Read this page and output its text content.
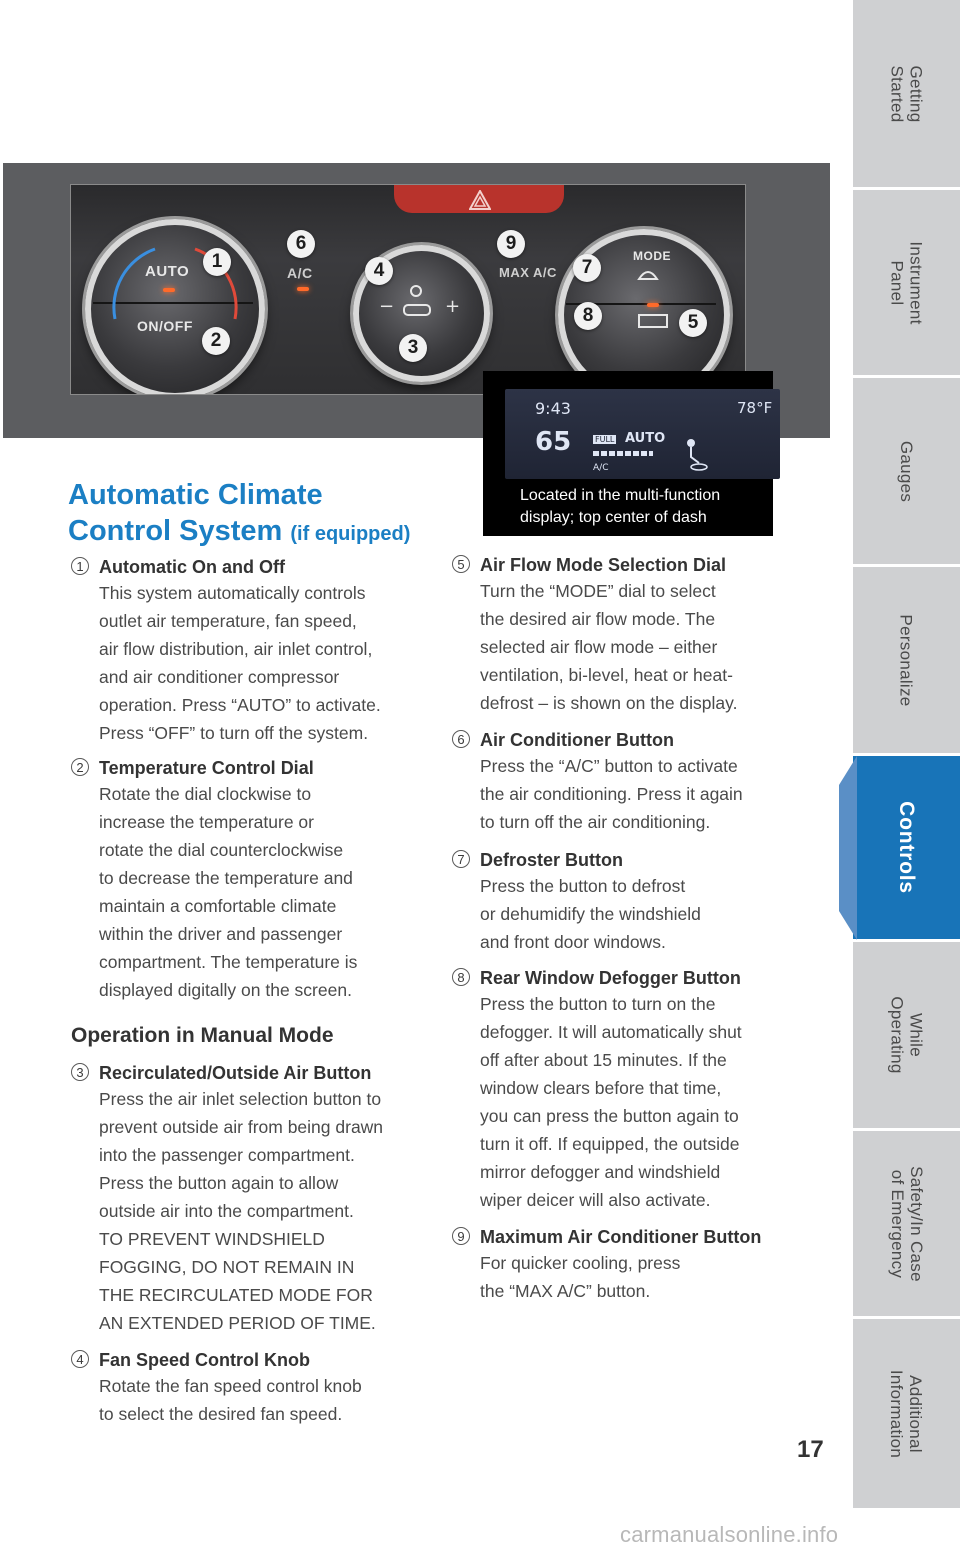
Getting
Started
Instrument
Panel
Gauges
Personalize
Controls
While
Operating
Safety/In Case
of Emergency
Additional
Information
AUTO
ON/OFF
A/C
−	+
MAX A/C
MODE
1
2	3
4
5
6
7
8
9
9:43	78°F
65	FULL AUTO
A/C
Located in the multi-function display; top center of dash
Automatic Climate
Control System (if equipped)
1 Automatic On and Off
This system automatically controls
outlet air temperature, fan speed,
air flow distribution, air inlet control,
and air conditioner compressor
operation. Press “AUTO” to activate.
Press “OFF” to turn off the system.
2 Temperature Control Dial
Rotate the dial clockwise to
increase the temperature or
rotate the dial counterclockwise
to decrease the temperature and
maintain a comfortable climate
within the driver and passenger
compartment. The temperature is
displayed digitally on the screen.
Operation in Manual Mode
3 Recirculated/Outside Air Button
Press the air inlet selection button to
prevent outside air from being drawn
into the passenger compartment.
Press the button again to allow
outside air into the compartment.
TO PREVENT WINDSHIELD
FOGGING, DO NOT REMAIN IN
THE RECIRCULATED MODE FOR
AN EXTENDED PERIOD OF TIME.
4 Fan Speed Control Knob
Rotate the fan speed control knob
to select the desired fan speed.
5 Air Flow Mode Selection Dial
Turn the “MODE” dial to select
the desired air flow mode. The
selected air flow mode – either
ventilation, bi-level, heat or heat-
defrost – is shown on the display.
6 Air Conditioner Button
Press the “A/C” button to activate
the air conditioning. Press it again
to turn off the air conditioning.
7 Defroster Button
Press the button to defrost
or dehumidify the windshield
and front door windows.
8 Rear Window Defogger Button
Press the button to turn on the
defogger. It will automatically shut
off after about 15 minutes. If the
window clears before that time,
you can press the button again to
turn it off. If equipped, the outside
mirror defogger and windshield
wiper deicer will also activate.
9 Maximum Air Conditioner Button
For quicker cooling, press
the “MAX A/C” button.
17
carmanualsonline.info
